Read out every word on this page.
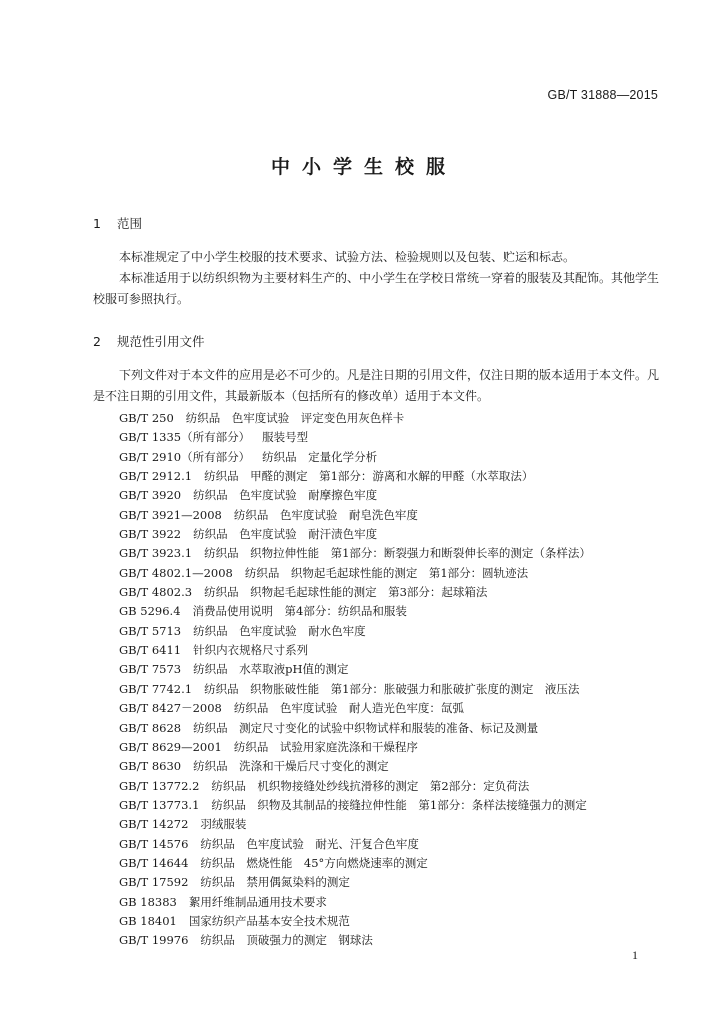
GB/T 31888—2015
中小学生校服
1 范围
本标准规定了中小学生校服的技术要求、试验方法、检验规则以及包装、贮运和标志。
本标准适用于以纺织织物为主要材料生产的、中小学生在学校日常统一穿着的服装及其配饰。其他学生校服可参照执行。
2 规范性引用文件
下列文件对于本文件的应用是必不可少的。凡是注日期的引用文件，仅注日期的版本适用于本文件。凡是不注日期的引用文件，其最新版本（包括所有的修改单）适用于本文件。
GB/T 250 纺织品　色牢度试验　评定变色用灰色样卡
GB/T 1335（所有部分） 服装号型
GB/T 2910（所有部分） 纺织品　定量化学分析
GB/T 2912.1 纺织品　甲醛的测定　第1部分：游离和水解的甲醛（水萃取法）
GB/T 3920 纺织品　色牢度试验　耐摩擦色牢度
GB/T 3921—2008 纺织品　色牢度试验　耐皂洗色牢度
GB/T 3922 纺织品　色牢度试验　耐汗渍色牢度
GB/T 3923.1 纺织品　织物拉伸性能　第1部分：断裂强力和断裂伸长率的测定（条样法）
GB/T 4802.1—2008 纺织品　织物起毛起球性能的测定　第1部分：圆轨迹法
GB/T 4802.3 纺织品　织物起毛起球性能的测定　第3部分：起球箱法
GB 5296.4 消费品使用说明　第4部分：纺织品和服装
GB/T 5713 纺织品　色牢度试验　耐水色牢度
GB/T 6411 针织内衣规格尺寸系列
GB/T 7573 纺织品　水萃取液pH值的测定
GB/T 7742.1 纺织品　织物胀破性能　第1部分：胀破强力和胀破扩张度的测定　液压法
GB/T 8427－2008 纺织品　色牢度试验　耐人造光色牢度：氙弧
GB/T 8628 纺织品　测定尺寸变化的试验中织物试样和服装的准备、标记及测量
GB/T 8629—2001 纺织品　试验用家庭洗涤和干燥程序
GB/T 8630 纺织品　洗涤和干燥后尺寸变化的测定
GB/T 13772.2 纺织品　机织物接缝处纱线抗滑移的测定　第2部分：定负荷法
GB/T 13773.1 纺织品　织物及其制品的接缝拉伸性能　第1部分：条样法接缝强力的测定
GB/T 14272 羽绒服装
GB/T 14576 纺织品　色牢度试验　耐光、汗复合色牢度
GB/T 14644 纺织品　燃烧性能　45°方向燃烧速率的测定
GB/T 17592 纺织品　禁用偶氮染料的测定
GB 18383 絮用纤维制品通用技术要求
GB 18401 国家纺织产品基本安全技术规范
GB/T 19976 纺织品　顶破强力的测定　钢球法
1
